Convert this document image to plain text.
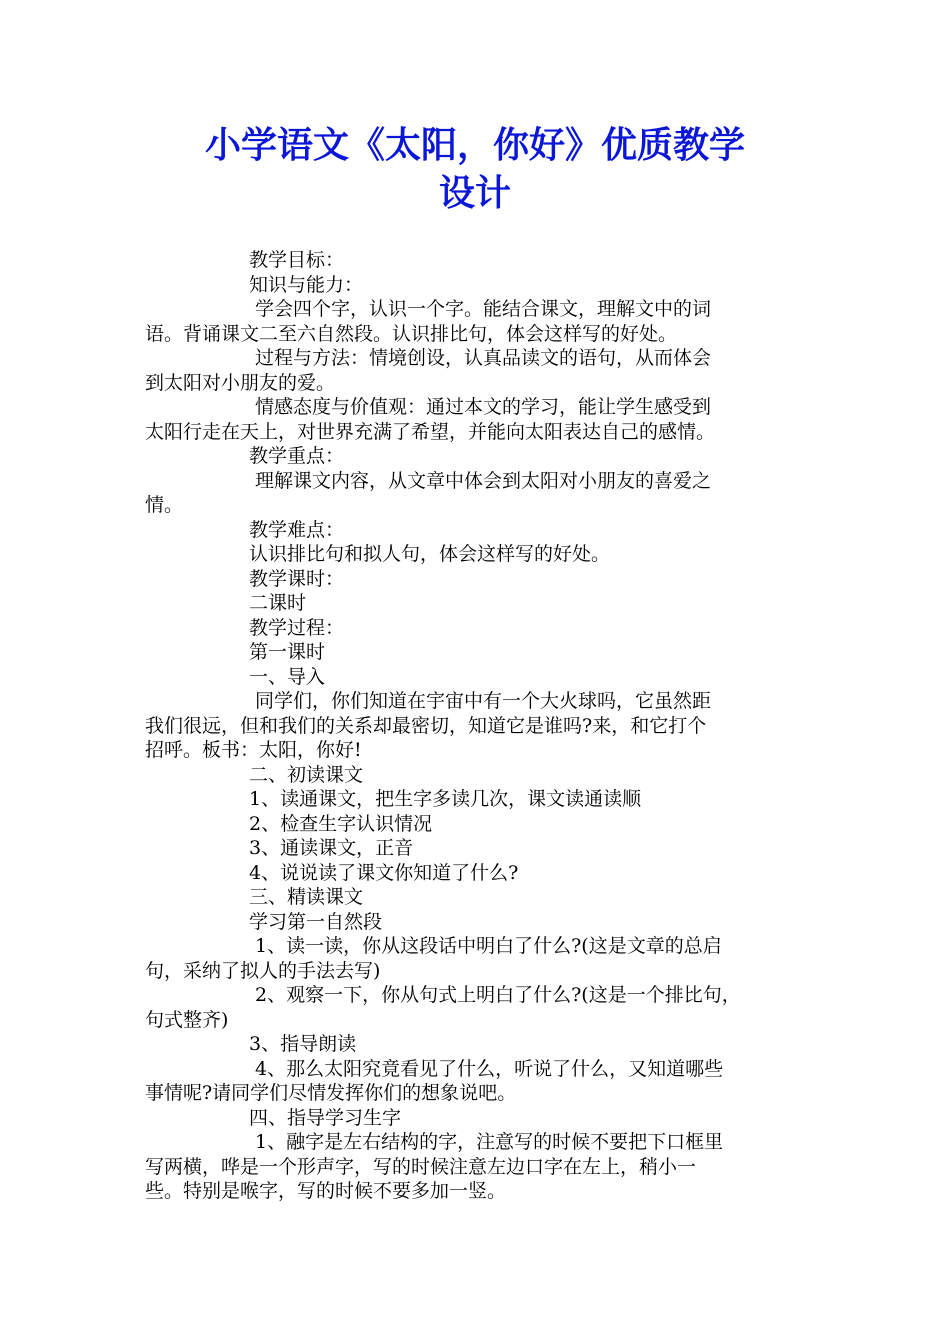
小学语文《太阳，你好》优质教学
设计

教学目标：

知识与能力：

学会四个字，认识一个字。能结合课文，理解文中的词

语。背诵课文二至六自然段。认识排比句，体会这样写的好处。

过程与方法：情境创设，认真品读文的语句，从而体会

到太阳对小朋友的爱。

情感态度与价值观：通过本文的学习，能让学生感受到

太阳行走在天上，对世界充满了希望，并能向太阳表达自己的感情。

教学重点：

理解课文内容，从文章中体会到太阳对小朋友的喜爱之

情。

教学难点：

认识排比句和拟人句，体会这样写的好处。

教学课时：

二课时

教学过程：

第一课时

一、导入

同学们，你们知道在宇宙中有一个大火球吗，它虽然距

我们很远，但和我们的关系却最密切，知道它是谁吗?来，和它打个

招呼。板书：太阳，你好!

二、初读课文

1、读通课文，把生字多读几次，课文读通读顺

2、检查生字认识情况

3、通读课文，正音

4、说说读了课文你知道了什么?

三、精读课文

学习第一自然段

1、读一读，你从这段话中明白了什么?(这是文章的总启

句，采纳了拟人的手法去写)

2、观察一下，你从句式上明白了什么?(这是一个排比句，

句式整齐)

3、指导朗读

4、那么太阳究竟看见了什么，听说了什么，又知道哪些

事情呢?请同学们尽情发挥你们的想象说吧。

四、指导学习生字

1、融字是左右结构的字，注意写的时候不要把下口框里

写两横，哗是一个形声字，写的时候注意左边口字在左上，稍小一

些。特别是喉字，写的时候不要多加一竖。
